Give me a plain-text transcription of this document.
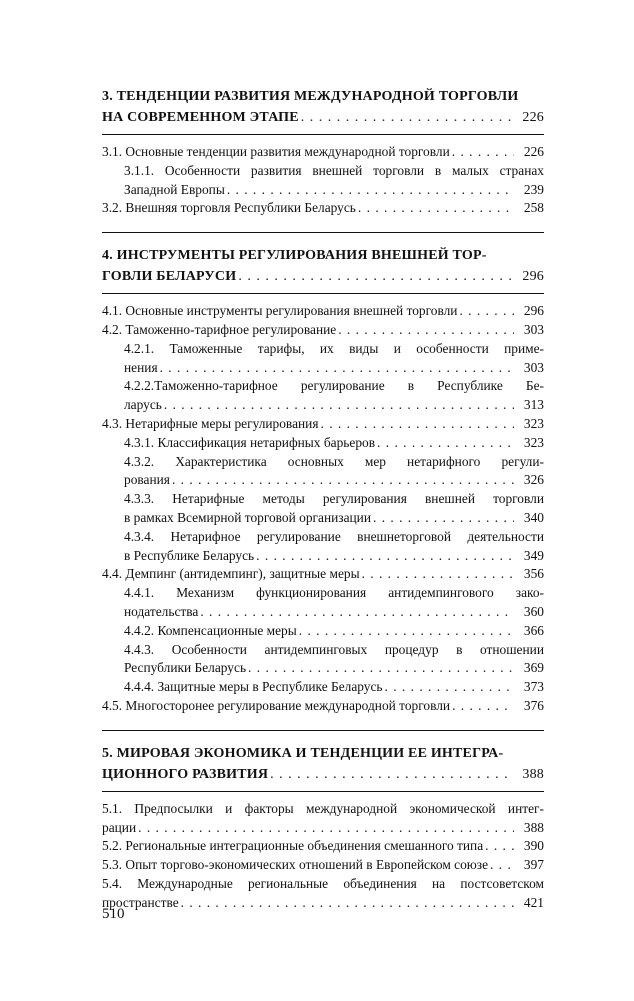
3. ТЕНДЕНЦИИ РАЗВИТИЯ МЕЖДУНАРОДНОЙ ТОРГОВЛИ
НА СОВРЕМЕННОМ ЭТАПЕ . . .	226
3.1. Основные тенденции развития международной торговли . . .	226
3.1.1. Особенности развития внешней торговли в малых странах
Западной Европы . . .	239
3.2. Внешняя торговля Республики Беларусь . . .	258
4. ИНСТРУМЕНТЫ РЕГУЛИРОВАНИЯ ВНЕШНЕЙ ТОР-
ГОВЛИ БЕЛАРУСИ . . .	296
4.1. Основные инструменты регулирования внешней торговли . . .	296
4.2. Таможенно-тарифное регулирование . . .	303
4.2.1. Таможенные тарифы, их виды и особенности приме-
нения . . .	303
4.2.2.Таможенно-тарифное регулирование в Республике Бе-
ларусь . . .	313
4.3. Нетарифные меры регулирования . . .	323
4.3.1. Классификация нетарифных барьеров . . .	323
4.3.2. Характеристика основных мер нетарифного регули-
рования . . .	326
4.3.3. Нетарифные методы регулирования внешней торговли
в рамках Всемирной торговой организации . . .	340
4.3.4. Нетарифное регулирование внешнеторговой деятельности
в Республике Беларусь . . .	349
4.4. Демпинг (антидемпинг), защитные меры . . .	356
4.4.1. Механизм функционирования антидемпингового зако-
нодательства . . .	360
4.4.2. Компенсационные меры . . .	366
4.4.3. Особенности антидемпинговых процедур в отношении
Республики Беларусь . . .	369
4.4.4. Защитные меры в Республике Беларусь . . .	373
4.5. Многосторонее регулирование международной торговли . . .	376
5. МИРОВАЯ ЭКОНОМИКА И ТЕНДЕНЦИИ ЕЕ ИНТЕГРА-
ЦИОННОГО РАЗВИТИЯ . . .	388
5.1. Предпосылки и факторы международной экономической интег-
рации . . .	388
5.2. Региональные интеграционные объединения смешанного типа . . .	390
5.3. Опыт торгово-экономических отношений в Европейском союзе . . .	397
5.4. Международные региональные объединения на постсоветском
пространстве . . .	421
510
